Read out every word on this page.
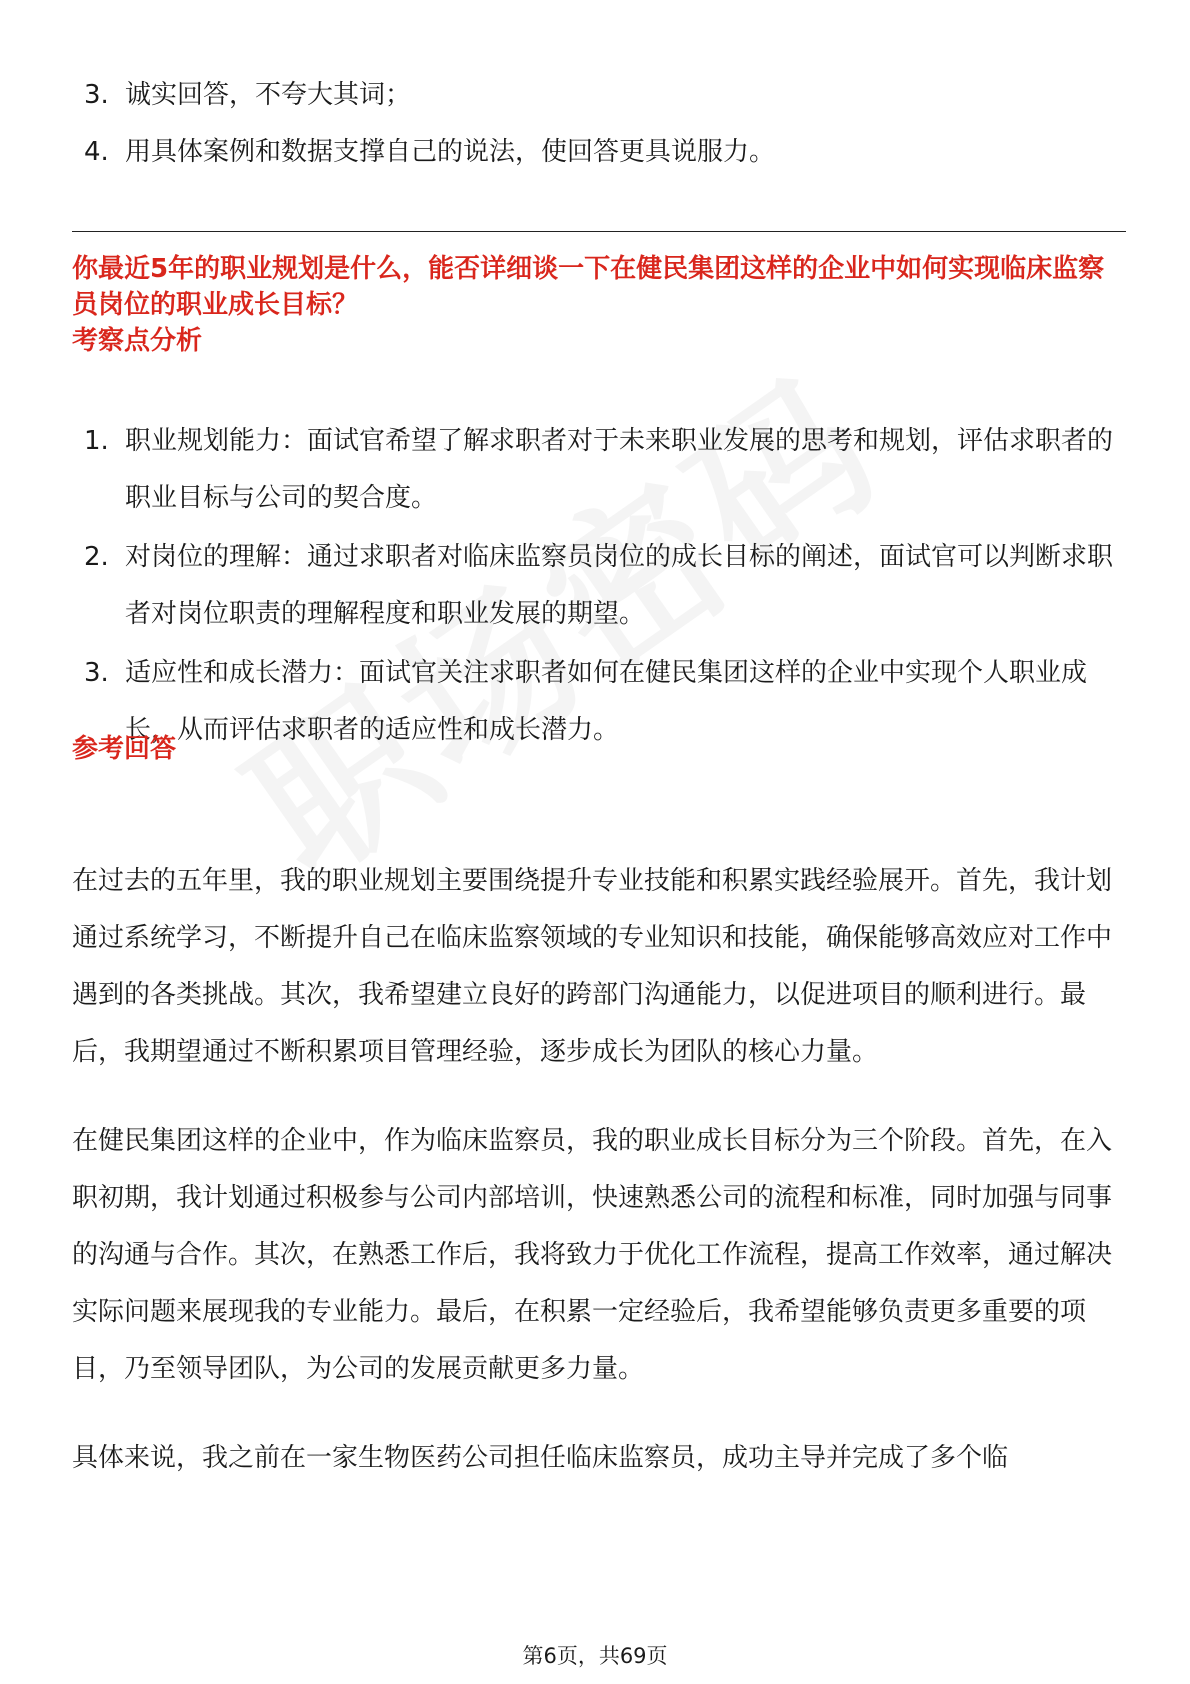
3. 诚实回答，不夸大其词；
4. 用具体案例和数据支撑自己的说法，使回答更具说服力。
你最近5年的职业规划是什么，能否详细谈一下在健民集团这样的企业中如何实现临床监察员岗位的职业成长目标？
考察点分析
1. 职业规划能力：面试官希望了解求职者对于未来职业发展的思考和规划，评估求职者的职业目标与公司的契合度。
2. 对岗位的理解：通过求职者对临床监察员岗位的成长目标的阐述，面试官可以判断求职者对岗位职责的理解程度和职业发展的期望。
3. 适应性和成长潜力：面试官关注求职者如何在健民集团这样的企业中实现个人职业成长，从而评估求职者的适应性和成长潜力。
参考回答

在过去的五年里，我的职业规划主要围绕提升专业技能和积累实践经验展开。首先，我计划通过系统学习，不断提升自己在临床监察领域的专业知识和技能，确保能够高效应对工作中遇到的各类挑战。其次，我希望建立良好的跨部门沟通能力，以促进项目的顺利进行。最后，我期望通过不断积累项目管理经验，逐步成长为团队的核心力量。

在健民集团这样的企业中，作为临床监察员，我的职业成长目标分为三个阶段。首先，在入职初期，我计划通过积极参与公司内部培训，快速熟悉公司的流程和标准，同时加强与同事的沟通与合作。其次，在熟悉工作后，我将致力于优化工作流程，提高工作效率，通过解决实际问题来展现我的专业能力。最后，在积累一定经验后，我希望能够负责更多重要的项目，乃至领导团队，为公司的发展贡献更多力量。

具体来说，我之前在一家生物医药公司担任临床监察员，成功主导并完成了多个临

第6页，共69页
